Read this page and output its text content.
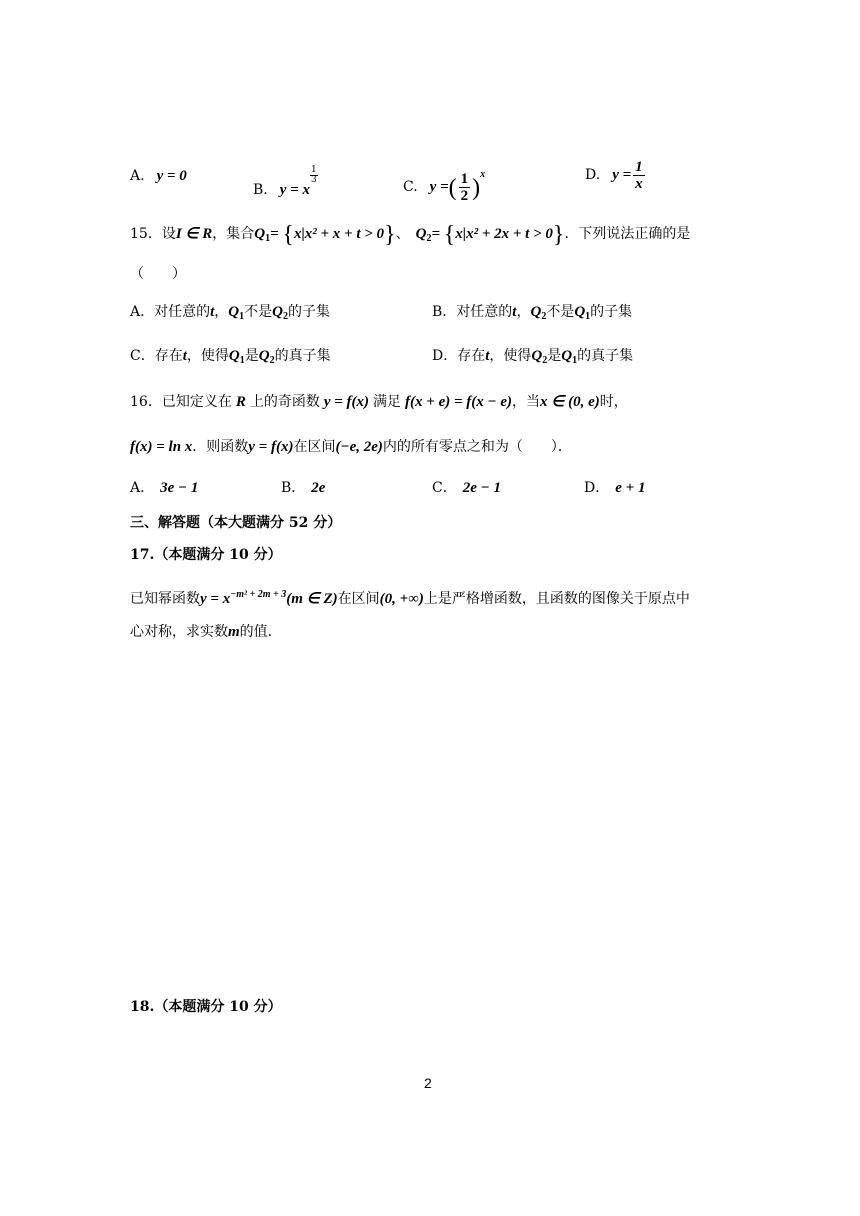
A. y = 0
B. y = x
$\frac{1}{3}$
C. y =( $\frac{1}{2} )^x$	D. $y = \frac{1}{x}$
15．设I ∈ R，集合$Q_1= \{x|x^2 + x + t > 0\}$、 $Q_2= \{x|x^2 + 2x + t > 0\}$．下列说法正确的是
（　　）
A．对任意的t，$Q_1$不是$Q_2$的子集	B．对任意的t，$Q_2$不是$Q_1$的子集
C．存在t，使得$Q_1$是$Q_2$的真子集	D．存在t，使得$Q_2$是$Q_1$的真子集
16．已知定义在 R 上的奇函数 y = f(x) 满足 f(x + e) = f(x − e)，当x ∈ (0, e)时，
f(x) = ln x．则函数y = f(x)在区间(−e, 2e)内的所有零点之和为（　　）．
A． 3e − 1	B． 2e	C． 2e − 1	D． e + 1
三、解答题（本大题满分 52 分）
17.（本题满分 10 分）
已知幂函数$y = x^{-m^2 + 2m + 3}(m$ ∈ Z)在区间(0, +∞)上是严格增函数，且函数的图像关于原点中
心对称，求实数m的值.
18.（本题满分 10 分）
2
